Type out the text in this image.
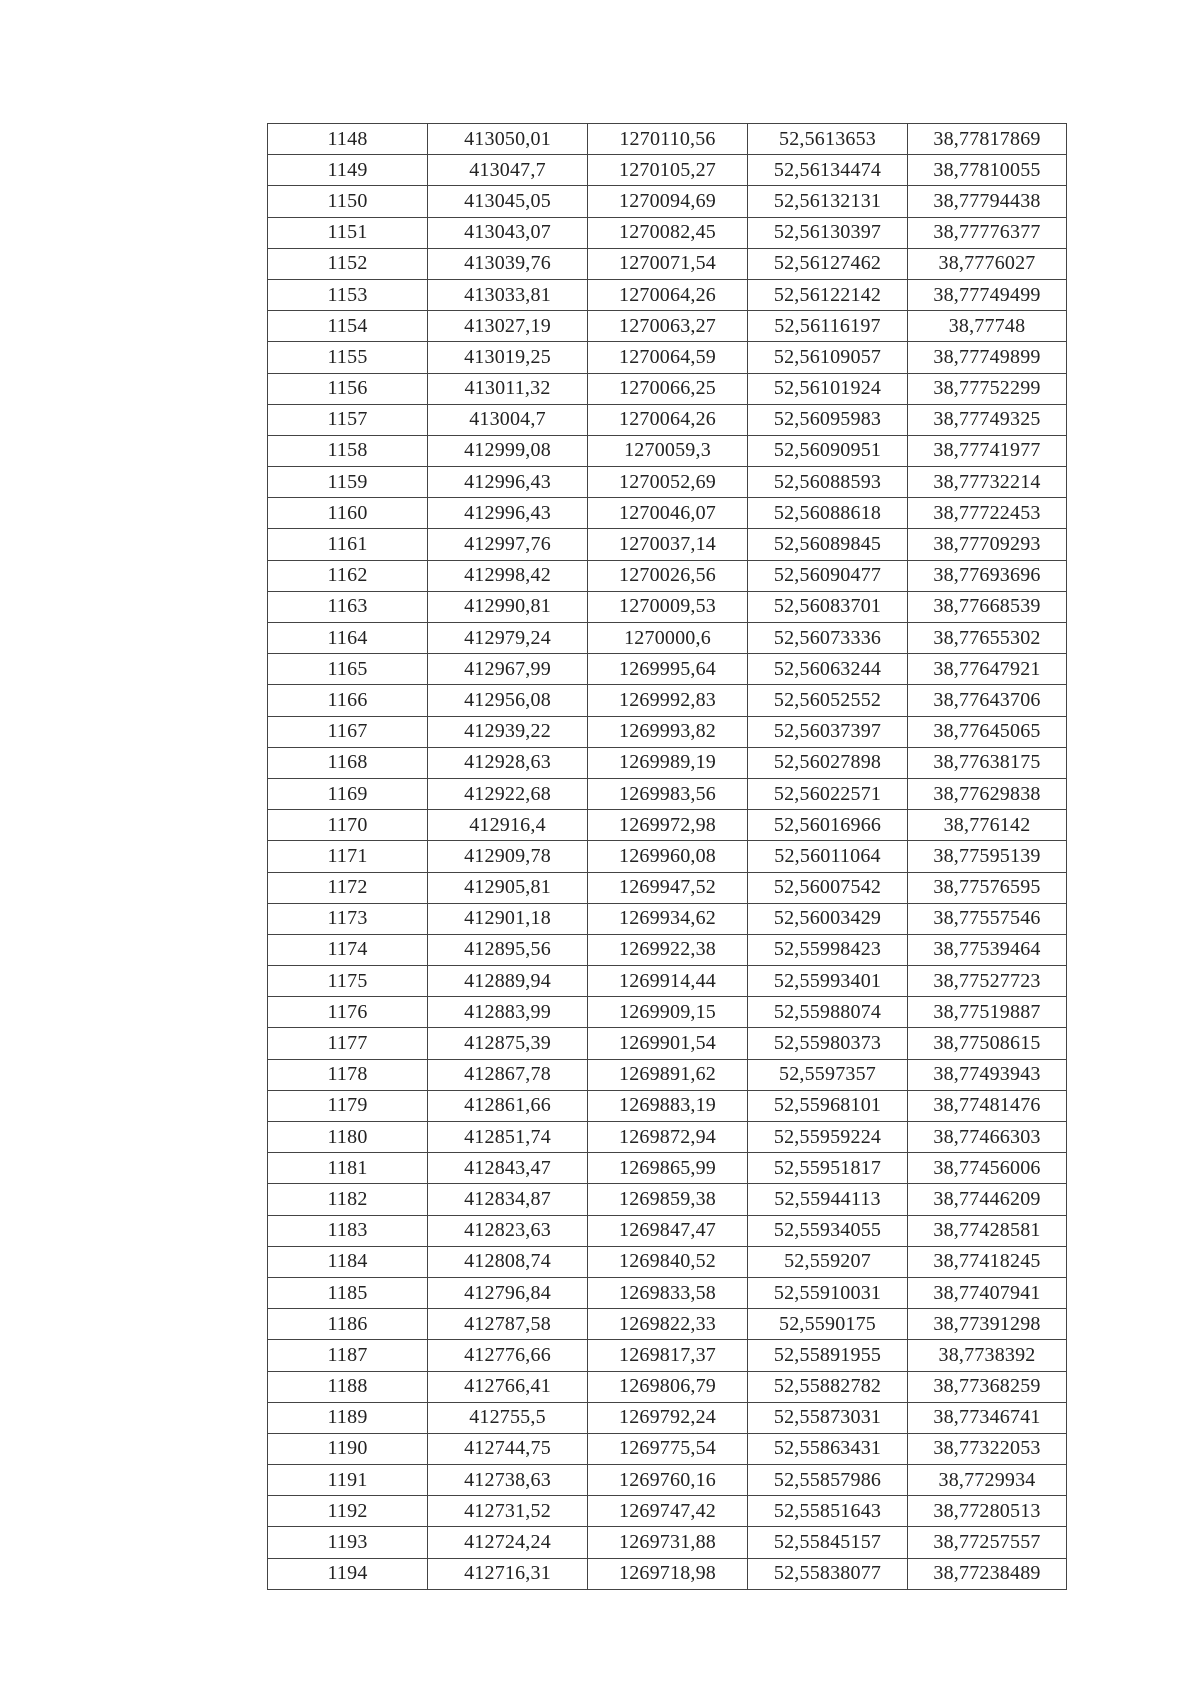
1148	413050,01	1270110,56	52,5613653	38,77817869
1149	413047,7	1270105,27	52,56134474	38,77810055
1150	413045,05	1270094,69	52,56132131	38,77794438
1151	413043,07	1270082,45	52,56130397	38,77776377
1152	413039,76	1270071,54	52,56127462	38,7776027
1153	413033,81	1270064,26	52,56122142	38,77749499
1154	413027,19	1270063,27	52,56116197	38,77748
1155	413019,25	1270064,59	52,56109057	38,77749899
1156	413011,32	1270066,25	52,56101924	38,77752299
1157	413004,7	1270064,26	52,56095983	38,77749325
1158	412999,08	1270059,3	52,56090951	38,77741977
1159	412996,43	1270052,69	52,56088593	38,77732214
1160	412996,43	1270046,07	52,56088618	38,77722453
1161	412997,76	1270037,14	52,56089845	38,77709293
1162	412998,42	1270026,56	52,56090477	38,77693696
1163	412990,81	1270009,53	52,56083701	38,77668539
1164	412979,24	1270000,6	52,56073336	38,77655302
1165	412967,99	1269995,64	52,56063244	38,77647921
1166	412956,08	1269992,83	52,56052552	38,77643706
1167	412939,22	1269993,82	52,56037397	38,77645065
1168	412928,63	1269989,19	52,56027898	38,77638175
1169	412922,68	1269983,56	52,56022571	38,77629838
1170	412916,4	1269972,98	52,56016966	38,776142
1171	412909,78	1269960,08	52,56011064	38,77595139
1172	412905,81	1269947,52	52,56007542	38,77576595
1173	412901,18	1269934,62	52,56003429	38,77557546
1174	412895,56	1269922,38	52,55998423	38,77539464
1175	412889,94	1269914,44	52,55993401	38,77527723
1176	412883,99	1269909,15	52,55988074	38,77519887
1177	412875,39	1269901,54	52,55980373	38,77508615
1178	412867,78	1269891,62	52,5597357	38,77493943
1179	412861,66	1269883,19	52,55968101	38,77481476
1180	412851,74	1269872,94	52,55959224	38,77466303
1181	412843,47	1269865,99	52,55951817	38,77456006
1182	412834,87	1269859,38	52,55944113	38,77446209
1183	412823,63	1269847,47	52,55934055	38,77428581
1184	412808,74	1269840,52	52,559207	38,77418245
1185	412796,84	1269833,58	52,55910031	38,77407941
1186	412787,58	1269822,33	52,5590175	38,77391298
1187	412776,66	1269817,37	52,55891955	38,7738392
1188	412766,41	1269806,79	52,55882782	38,77368259
1189	412755,5	1269792,24	52,55873031	38,77346741
1190	412744,75	1269775,54	52,55863431	38,77322053
1191	412738,63	1269760,16	52,55857986	38,7729934
1192	412731,52	1269747,42	52,55851643	38,77280513
1193	412724,24	1269731,88	52,55845157	38,77257557
1194	412716,31	1269718,98	52,55838077	38,77238489
